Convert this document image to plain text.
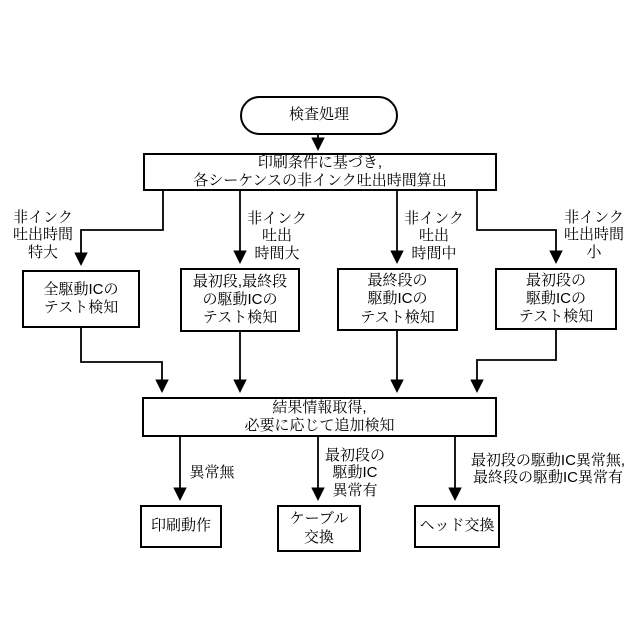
検査処理
印刷条件に基づき,
各シーケンスの非インク吐出時間算出
全駆動ICの
テスト検知
最初段,最終段
の駆動ICの
テスト検知
最終段の
駆動ICの
テスト検知
最初段の
駆動ICの
テスト検知
結果情報取得,
必要に応じて追加検知
印刷動作	ケーブル
交換
ヘッド交換
非インク
吐出時間
特大
非インク
吐出
時間大
非インク
吐出
時間中
非インク
吐出時間
小
異常無
最初段の
駆動IC
異常有
最初段の駆動IC異常無,
最終段の駆動IC異常有
